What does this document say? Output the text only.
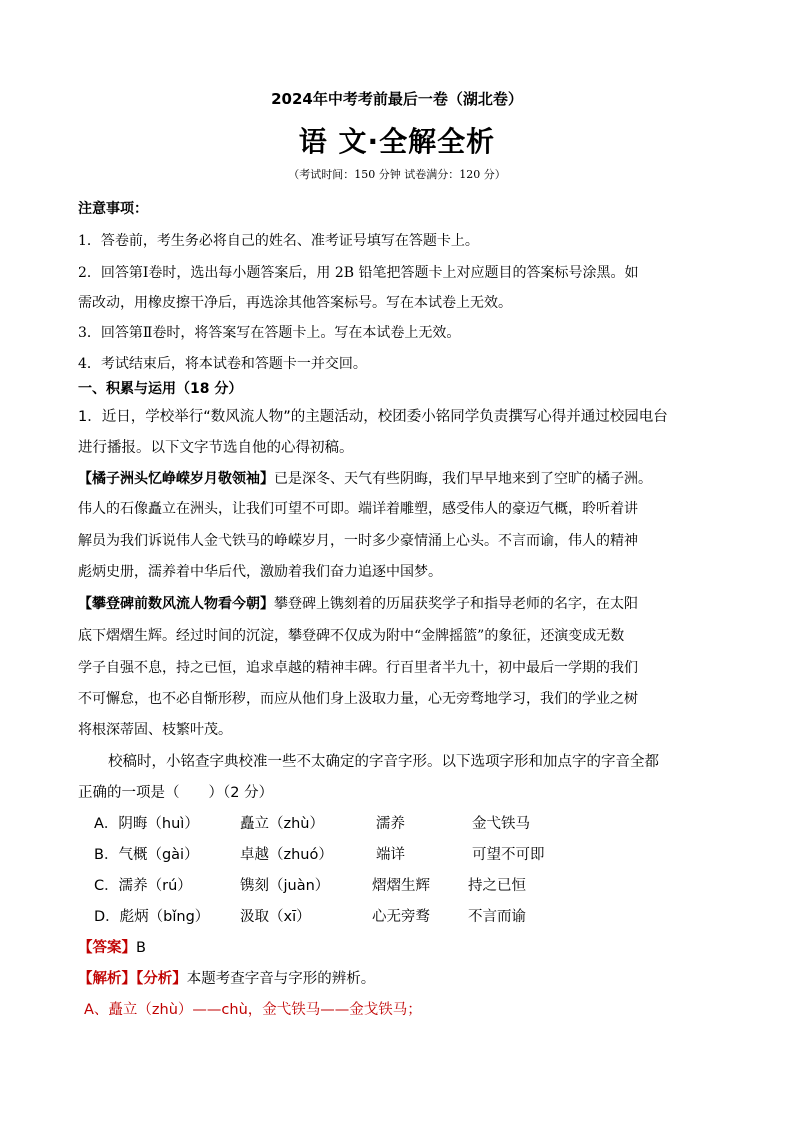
2024年中考考前最后一卷（湖北卷）
语 文·全解全析
（考试时间：150 分钟 试卷满分：120 分）
注意事项：
1．答卷前，考生务必将自己的姓名、准考证号填写在答题卡上。
2．回答第Ⅰ卷时，选出每小题答案后，用 2B 铅笔把答题卡上对应题目的答案标号涂黑。如
需改动，用橡皮擦干净后，再选涂其他答案标号。写在本试卷上无效。
3．回答第Ⅱ卷时，将答案写在答题卡上。写在本试卷上无效。
4．考试结束后，将本试卷和答题卡一并交回。
一、积累与运用（18 分）
1．近日，学校举行“数风流人物”的主题活动，校团委小铭同学负责撰写心得并通过校园电台
进行播报。以下文字节选自他的心得初稿。
【橘子洲头忆峥嵘岁月敬领袖】已是深冬、天气有些阴晦，我们早早地来到了空旷的橘子洲。
伟人的石像矗立在洲头，让我们可望不可即。端详着雕塑，感受伟人的豪迈气概，聆听着讲
解员为我们诉说伟人金弋铁马的峥嵘岁月，一时多少豪情涌上心头。不言而谕，伟人的精神
彪炳史册，濡养着中华后代，激励着我们奋力追逐中国梦。
【攀登碑前数风流人物看今朝】攀登碑上镌刻着的历届获奖学子和指导老师的名字，在太阳
底下熠熠生辉。经过时间的沉淀，攀登碑不仅成为附中“金牌摇篮”的象征，还演变成无数
学子自强不息，持之已恒，追求卓越的精神丰碑。行百里者半九十，初中最后一学期的我们
不可懈怠，也不必自惭形秽，而应从他们身上汲取力量，心无旁骛地学习，我们的学业之树
将根深蒂固、枝繁叶茂。
校稿时，小铭查字典校准一些不太确定的字音字形。以下选项字形和加点字的字音全都
正确的一项是（　　）（2 分）
A．阴晦（huì）	矗立（zhù）	濡养	金弋铁马
B．气概（gài）	卓越（zhuó）	端详	可望不可即
C．濡养（rú）	镌刻（juàn）	熠熠生辉	持之已恒
D．彪炳（bǐng） 汲取（xī）	心无旁骛	不言而谕
【答案】B
【解析】【分析】本题考查字音与字形的辨析。
A、矗立（zhù）——chù，金弋铁马——金戈铁马；
